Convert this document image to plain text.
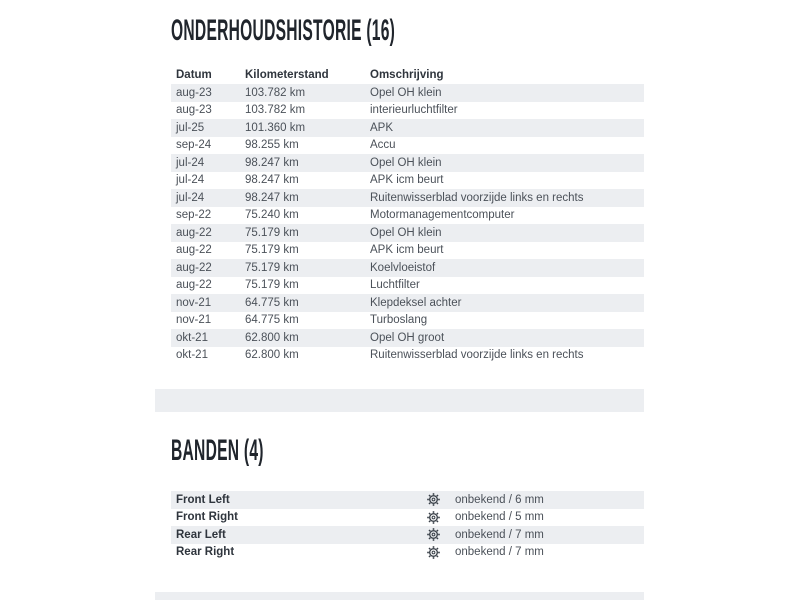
ONDERHOUDSHISTORIE (16)
Datum	Kilometerstand	Omschrijving
aug-23	103.782 km	Opel OH klein
aug-23	103.782 km	interieurluchtfilter
jul-25	101.360 km	APK
sep-24	98.255 km	Accu
jul-24	98.247 km	Opel OH klein
jul-24	98.247 km	APK icm beurt
jul-24	98.247 km	Ruitenwisserblad voorzijde links en rechts
sep-22	75.240 km	Motormanagementcomputer
aug-22	75.179 km	Opel OH klein
aug-22	75.179 km	APK icm beurt
aug-22	75.179 km	Koelvloeistof
aug-22	75.179 km	Luchtfilter
nov-21	64.775 km	Klepdeksel achter
nov-21	64.775 km	Turboslang
okt-21	62.800 km	Opel OH groot
okt-21	62.800 km	Ruitenwisserblad voorzijde links en rechts
BANDEN (4)
Front Left	onbekend / 6 mm
Front Right	onbekend / 5 mm
Rear Left	onbekend / 7 mm
Rear Right	onbekend / 7 mm
